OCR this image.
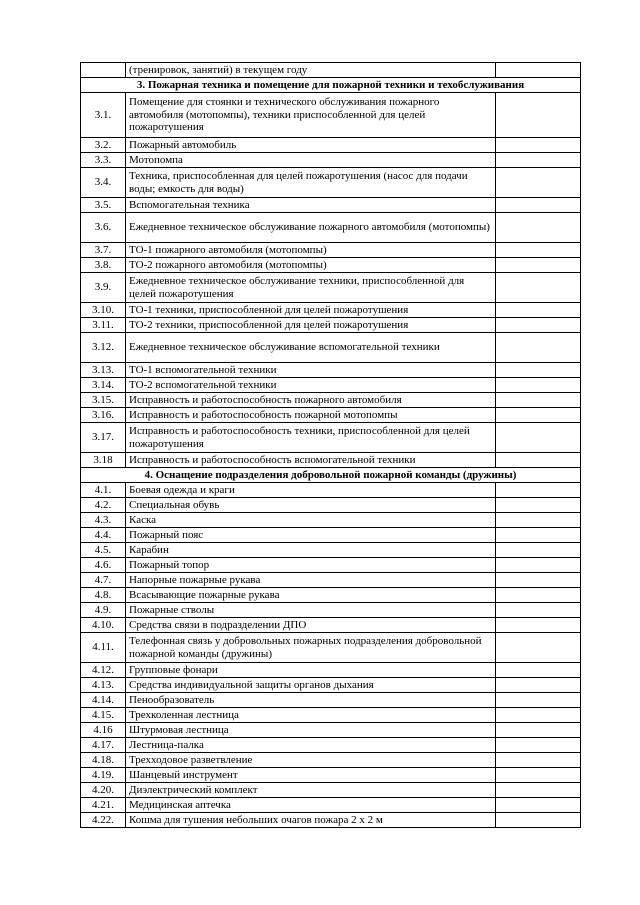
	(тренировок, занятий) в текущем году	
3. Пожарная техника и помещение для пожарной техники и техобслуживания		
3.1.	Помещение для стоянки и технического обслуживания пожарного автомобиля (мотопомпы), техники приспособленной для целей пожаротушения	
3.2.	Пожарный автомобиль	
3.3.	Мотопомпа	
3.4.	Техника, приспособленная для целей пожаротушения (насос для подачи воды; емкость для воды)	
3.5.	Вспомогательная техника	
3.6.	Ежедневное техническое обслуживание пожарного автомобиля (мотопомпы)	
3.7.	ТО-1 пожарного автомобиля (мотопомпы)	
3.8.	ТО-2 пожарного автомобиля (мотопомпы)	
3.9.	Ежедневное техническое обслуживание техники, приспособленной для целей пожаротушения	
3.10.	ТО-1 техники, приспособленной для целей пожаротушения	
3.11.	ТО-2 техники, приспособленной для целей пожаротушения	
3.12.	Ежедневное техническое обслуживание вспомогательной техники	
3.13.	ТО-1 вспомогательной техники	
3.14.	ТО-2 вспомогательной техники	
3.15.	Исправность и работоспособность пожарного автомобиля	
3.16.	Исправность и работоспособность пожарной мотопомпы	
3.17.	Исправность и работоспособность техники, приспособленной для целей пожаротушения	
3.18	Исправность и работоспособность вспомогательной техники	
4. Оснащение подразделения добровольной пожарной команды (дружины)		
4.1.	Боевая одежда и краги	
4.2.	Специальная обувь	
4.3.	Каска	
4.4.	Пожарный пояс	
4.5.	Карабин	
4.6.	Пожарный топор	
4.7.	Напорные пожарные рукава	
4.8.	Всасывающие пожарные рукава	
4.9.	Пожарные стволы	
4.10.	Средства связи в подразделении ДПО	
4.11.	Телефонная связь у добровольных пожарных подразделения добровольной пожарной команды (дружины)	
4.12.	Групповые фонари	
4.13.	Средства индивидуальной защиты органов дыхания	
4.14.	Пенообразователь	
4.15.	Трехколенная лестница	
4.16	Штурмовая лестница	
4.17.	Лестница-палка	
4.18.	Трехходовое разветвление	
4.19.	Шанцевый инструмент	
4.20.	Диэлектрический комплект	
4.21.	Медицинская аптечка	
4.22.	Кошма для тушения небольших очагов пожара 2 х 2 м	
